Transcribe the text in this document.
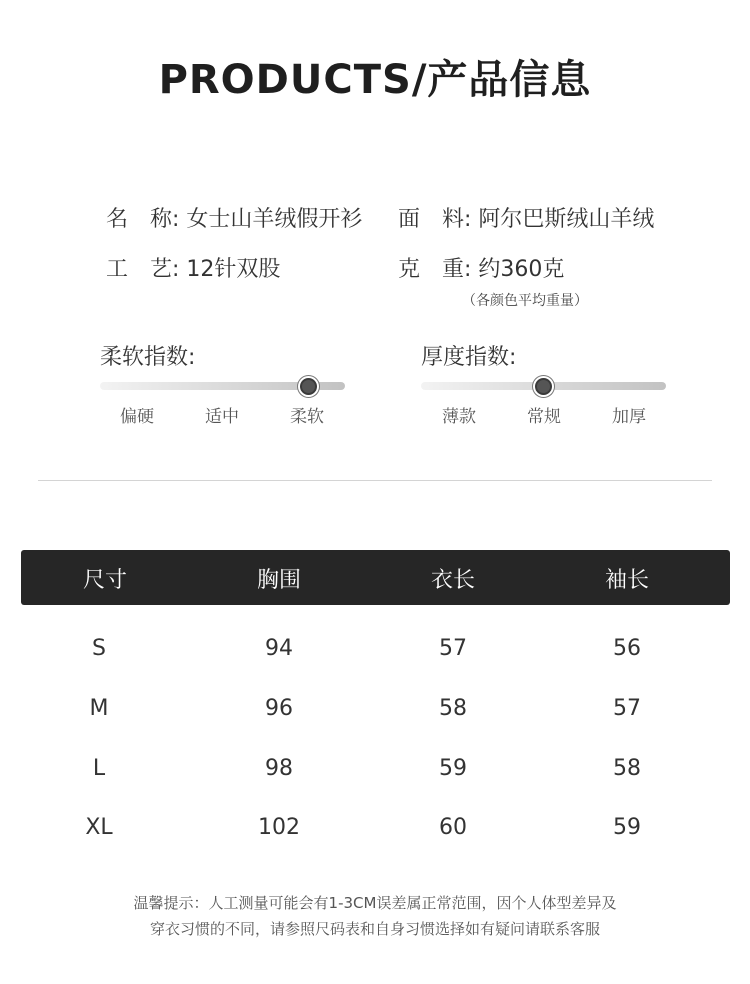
PRODUCTS/产品信息
名　称: 女士山羊绒假开衫 面　料: 阿尔巴斯绒山羊绒
工　艺: 12针双股	克　重: 约360克
（各颜色平均重量）
柔软指数:
偏硬	适中	柔软
厚度指数:
薄款	常规	加厚
尺寸	胸围	衣长	袖长
S	94	57	56
M	96	58	57
L	98	59	58
XL	102	60	59
温馨提示：人工测量可能会有1-3CM误差属正常范围，因个人体型差异及
穿衣习惯的不同，请参照尺码表和自身习惯选择如有疑问请联系客服
